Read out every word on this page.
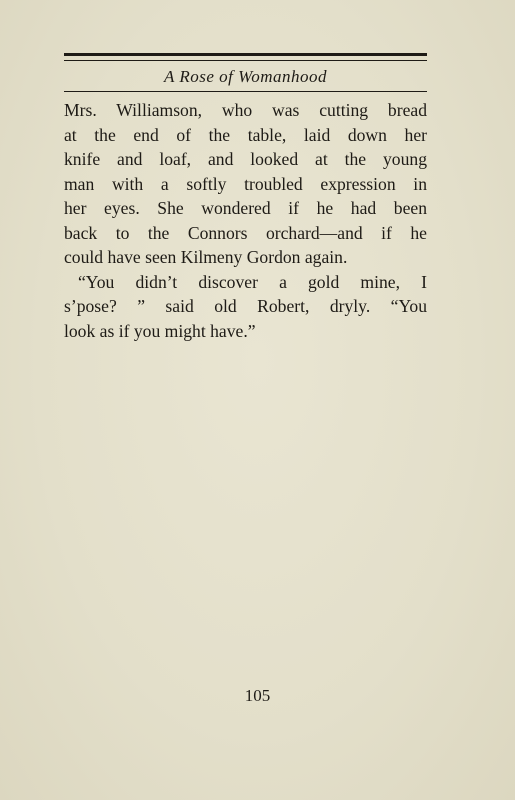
A Rose of Womanhood

Mrs. Williamson, who was cutting bread
at the end of the table, laid down her
knife and loaf, and looked at the young
man with a softly troubled expression in
her eyes. She wondered if he had been
back to the Connors orchard—and if he
could have seen Kilmeny Gordon again.

“You didn’t discover a gold mine, I
s’pose? ” said old Robert, dryly. “You
look as if you might have.”

105
